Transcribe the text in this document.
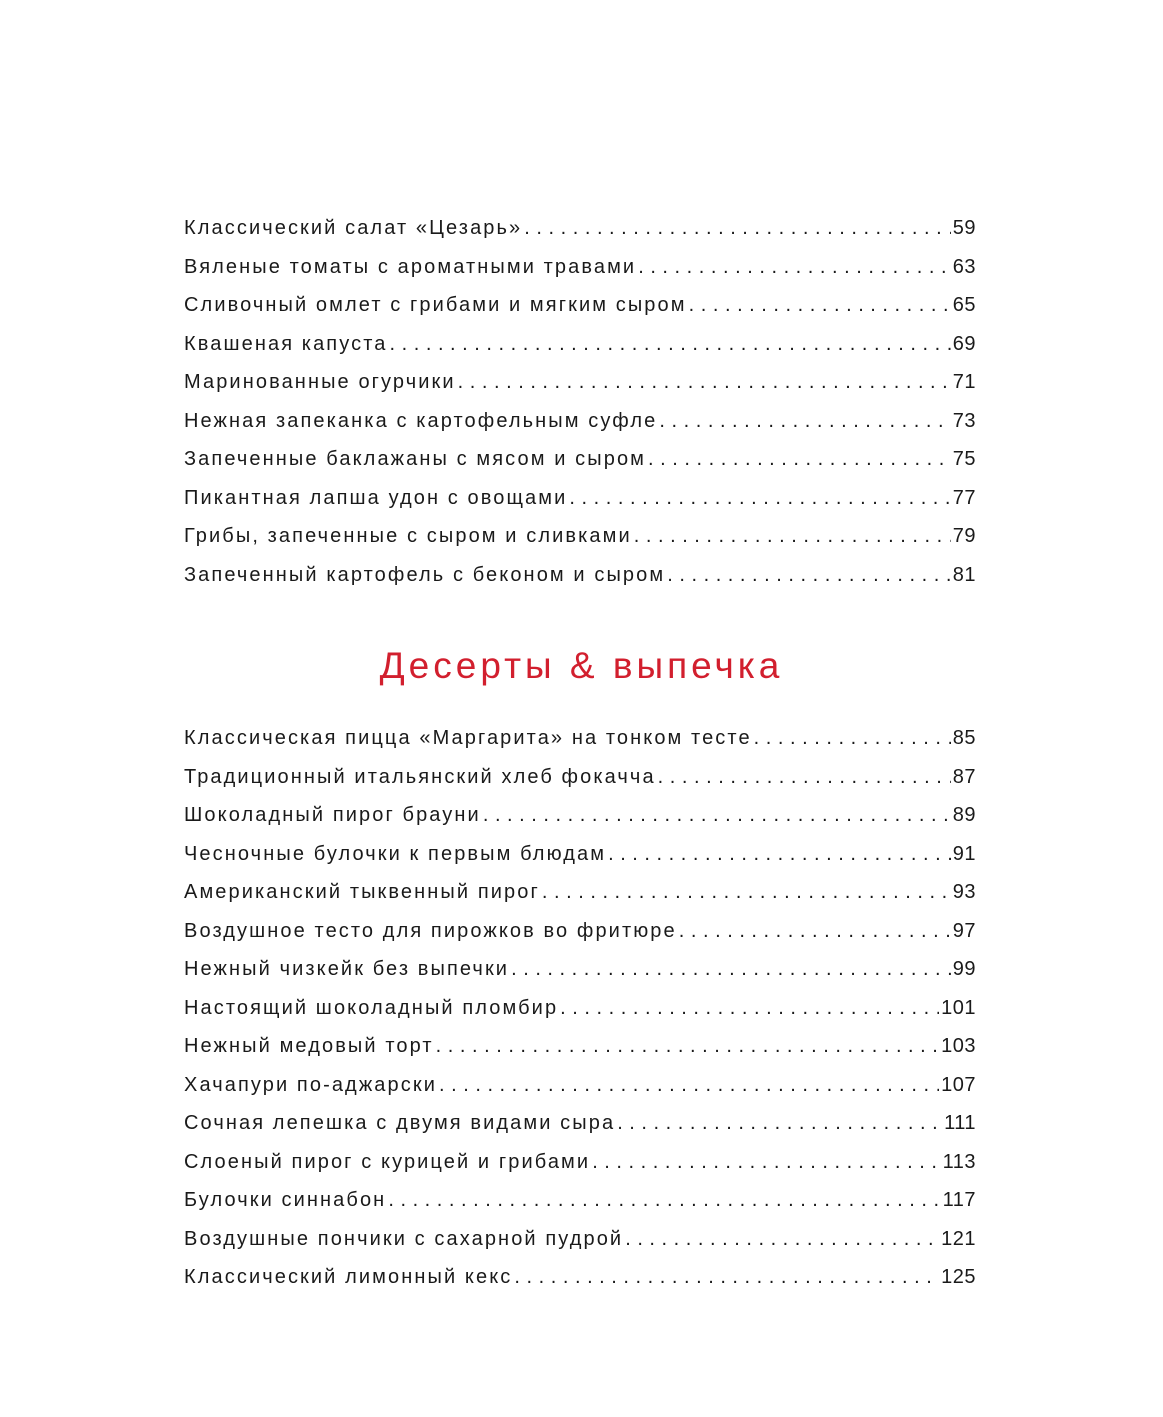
Классический салат «Цезарь» . . .	59
Вяленые томаты с ароматными травами . . .	63
Сливочный омлет с грибами и мягким сыром . . .	65
Квашеная капуста . . .	69
Маринованные огурчики . . .	71
Нежная запеканка с картофельным суфле . . .	73
Запеченные баклажаны с мясом и сыром . . .	75
Пикантная лапша удон с овощами . . .	77
Грибы, запеченные с сыром и сливками . . .	79
Запеченный картофель с беконом и сыром . . .	81
Десерты & выпечка
Классическая пицца «Маргарита» на тонком тесте . . .	85
Традиционный итальянский хлеб фокачча . . .	87
Шоколадный пирог брауни . . .	89
Чесночные булочки к первым блюдам . . .	91
Американский тыквенный пирог . . .	93
Воздушное тесто для пирожков во фритюре . . .	97
Нежный чизкейк без выпечки . . .	99
Настоящий шоколадный пломбир . . .	101
Нежный медовый торт . . .	103
Хачапури по-аджарски . . .	107
Сочная лепешка с двумя видами сыра . . .	111
Слоеный пирог с курицей и грибами . . .	113
Булочки синнабон . . .	117
Воздушные пончики с сахарной пудрой . . .	121
Классический лимонный кекс . . .	125
